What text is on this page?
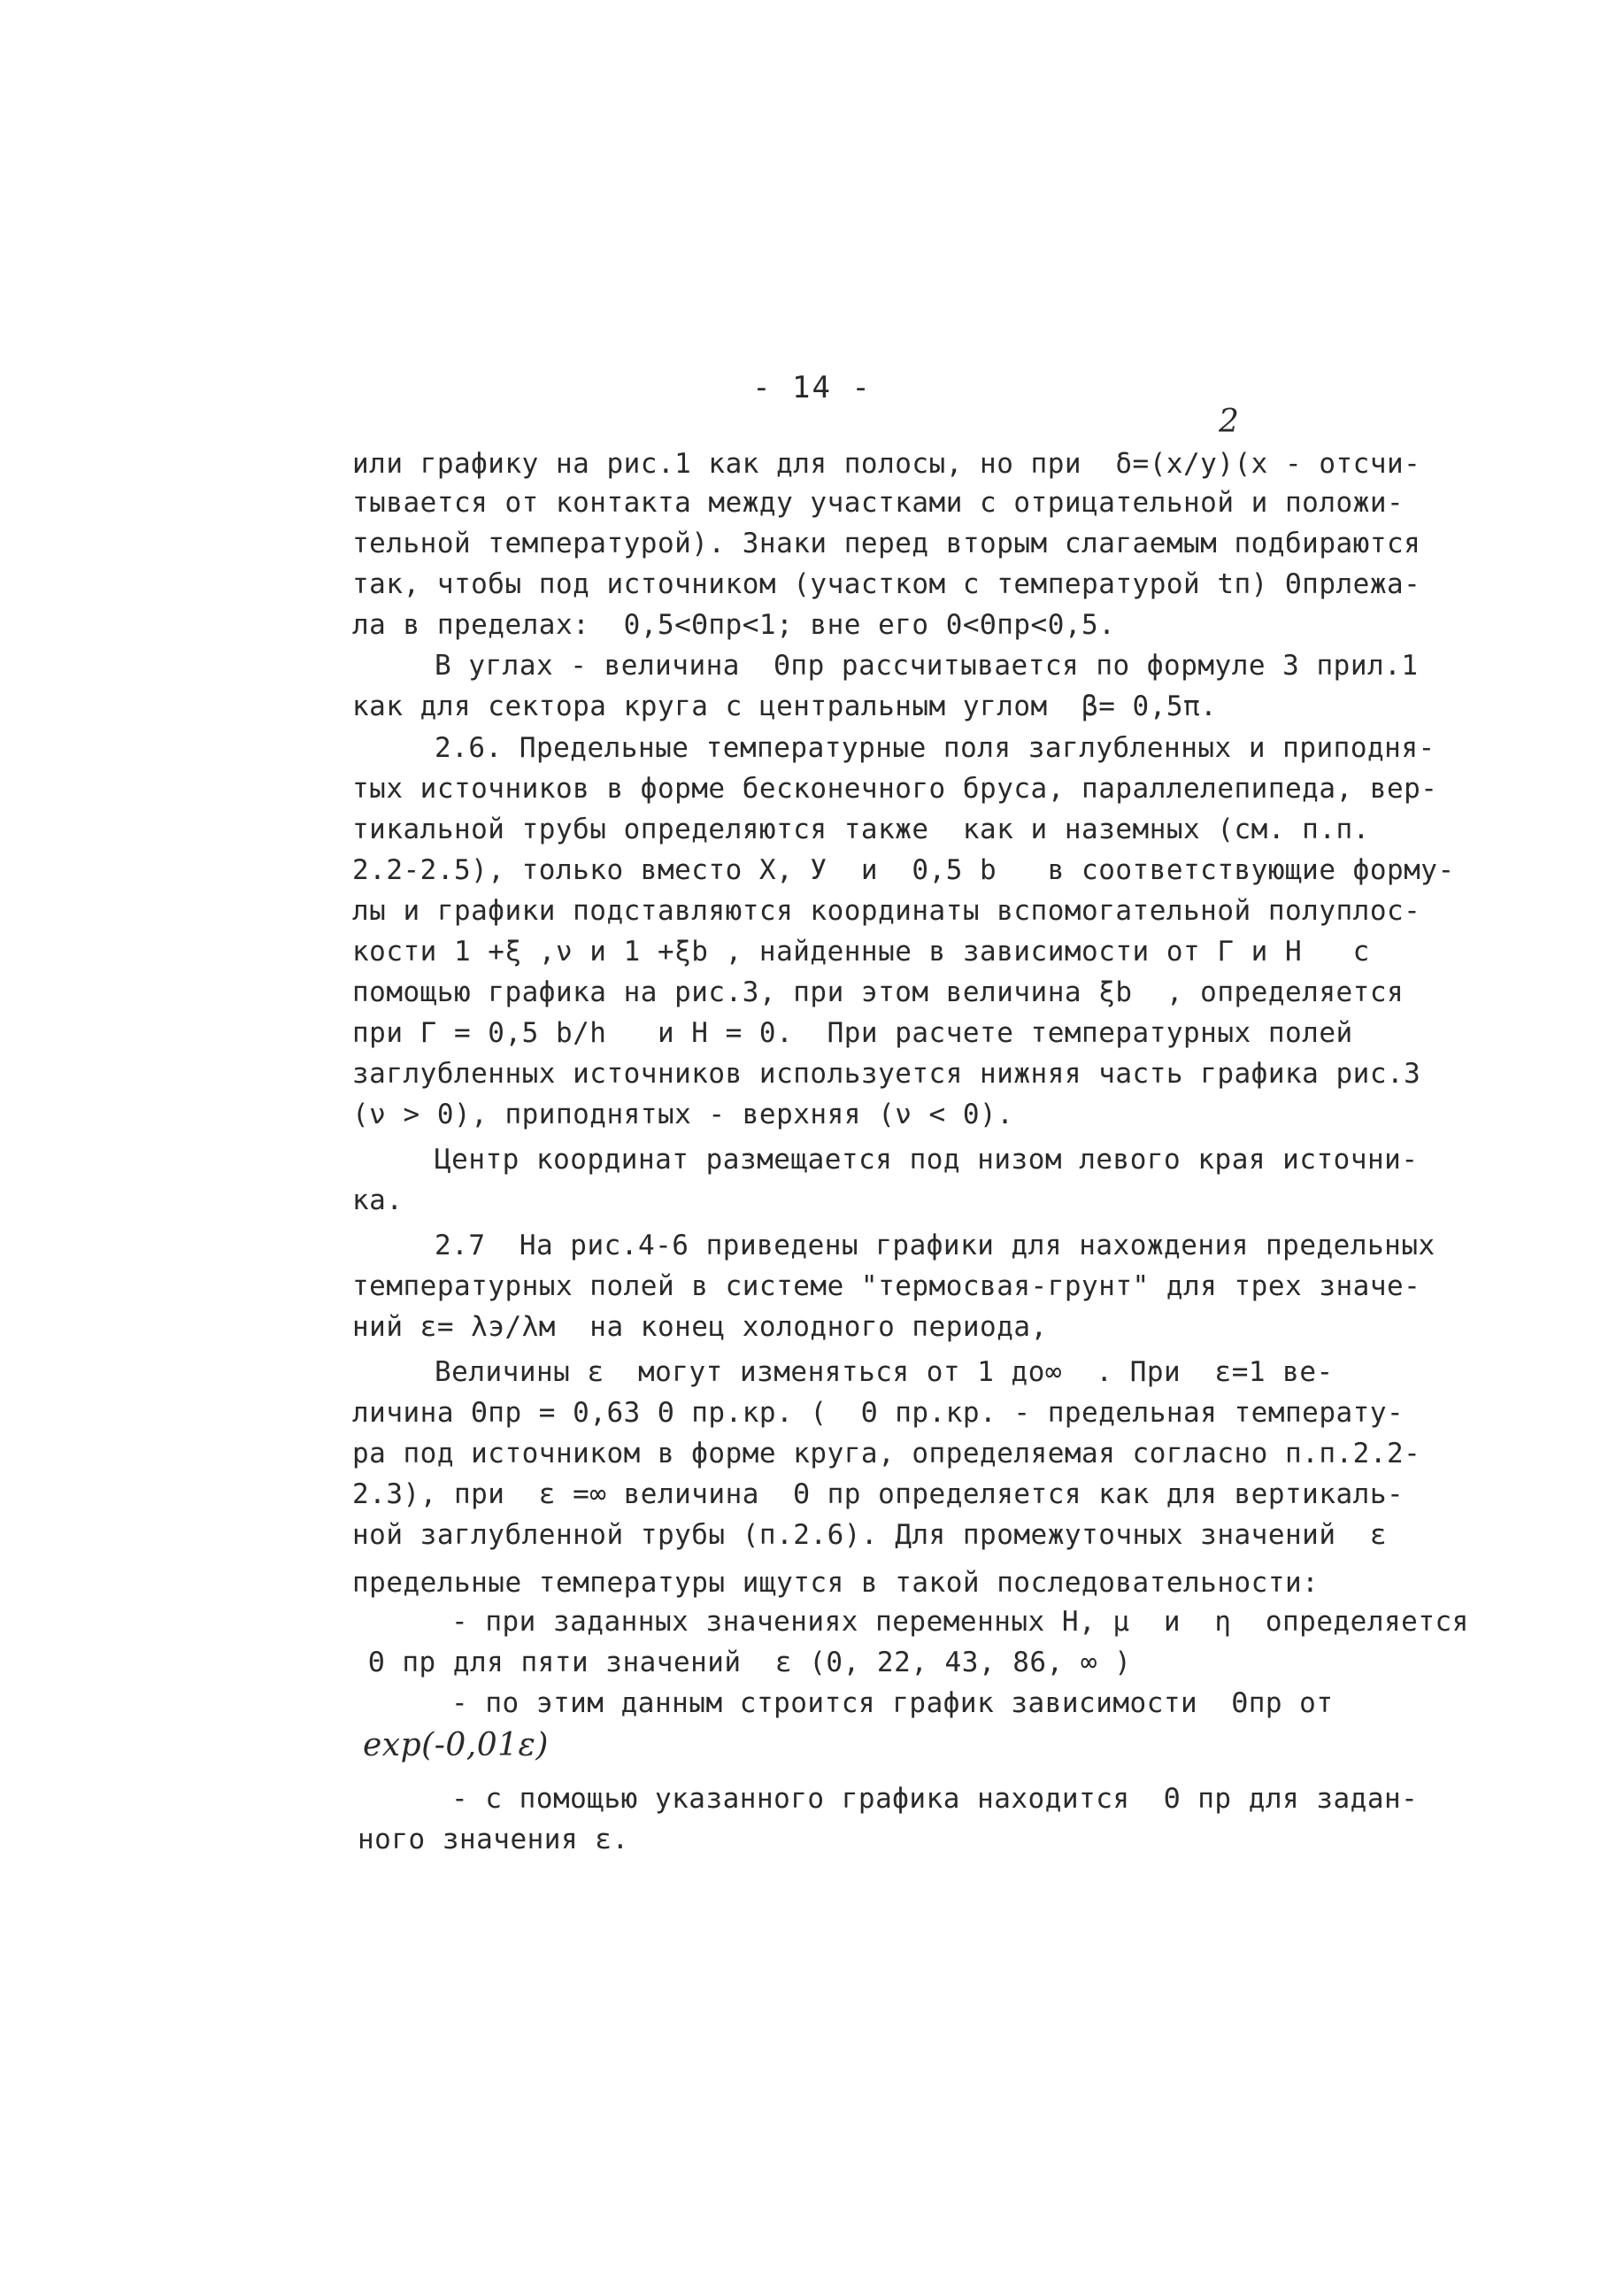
- 14 -
2
или графику на рис.1 как для полосы, но при  δ=(x/y)(x - отсчи-
тывается от контакта между участками с отрицательной и положи-
тельной температурой). Знаки перед вторым слагаемым подбираются
так, чтобы под источником (участком с температурой tп) Θпрлежа-
ла в пределах:  0,5<Θпр<1; вне его 0<Θпр<0,5.
В углах - величина  Θпр рассчитывается по формуле 3 прил.1
как для сектора круга с центральным углом  β= 0,5π.
2.6. Предельные температурные поля заглубленных и приподня-
тых источников в форме бесконечного бруса, параллелепипеда, вер-
тикальной трубы определяются также  как и наземных (см. п.п.
2.2-2.5), только вместо X, У  и  0,5 b   в соответствующие форму-
лы и графики подставляются координаты вспомогательной полуплос-
кости 1 +ξ ,ν и 1 +ξb , найденные в зависимости от Г и Н   с
помощью графика на рис.3, при этом величина ξb  , определяется
при Г = 0,5 b/h   и Н = 0.  При расчете температурных полей
заглубленных источников используется нижняя часть графика рис.3
(ν > 0), приподнятых - верхняя (ν < 0).
Центр координат размещается под низом левого края источни-
ка.
2.7  На рис.4-6 приведены графики для нахождения предельных
температурных полей в системе "термосвая-грунт" для трех значе-
ний ε= λэ/λм  на конец холодного периода,
Величины ε  могут изменяться от 1 до∞  . При  ε=1 ве-
личина Θпр = 0,63 Θ пр.кр. (  Θ пр.кр. - предельная температу-
ра под источником в форме круга, определяемая согласно п.п.2.2-
2.3), при  ε =∞ величина  Θ пр определяется как для вертикаль-
ной заглубленной трубы (п.2.6). Для промежуточных значений  ε
предельные температуры ищутся в такой последовательности:
- при заданных значениях переменных Н, μ  и  η  определяется
Θ пр для пяти значений  ε (0, 22, 43, 86, ∞ )
- по этим данным строится график зависимости  Θпр от
exp(-0,01ε)
- с помощью указанного графика находится  Θ пр для задан-
ного значения ε.
